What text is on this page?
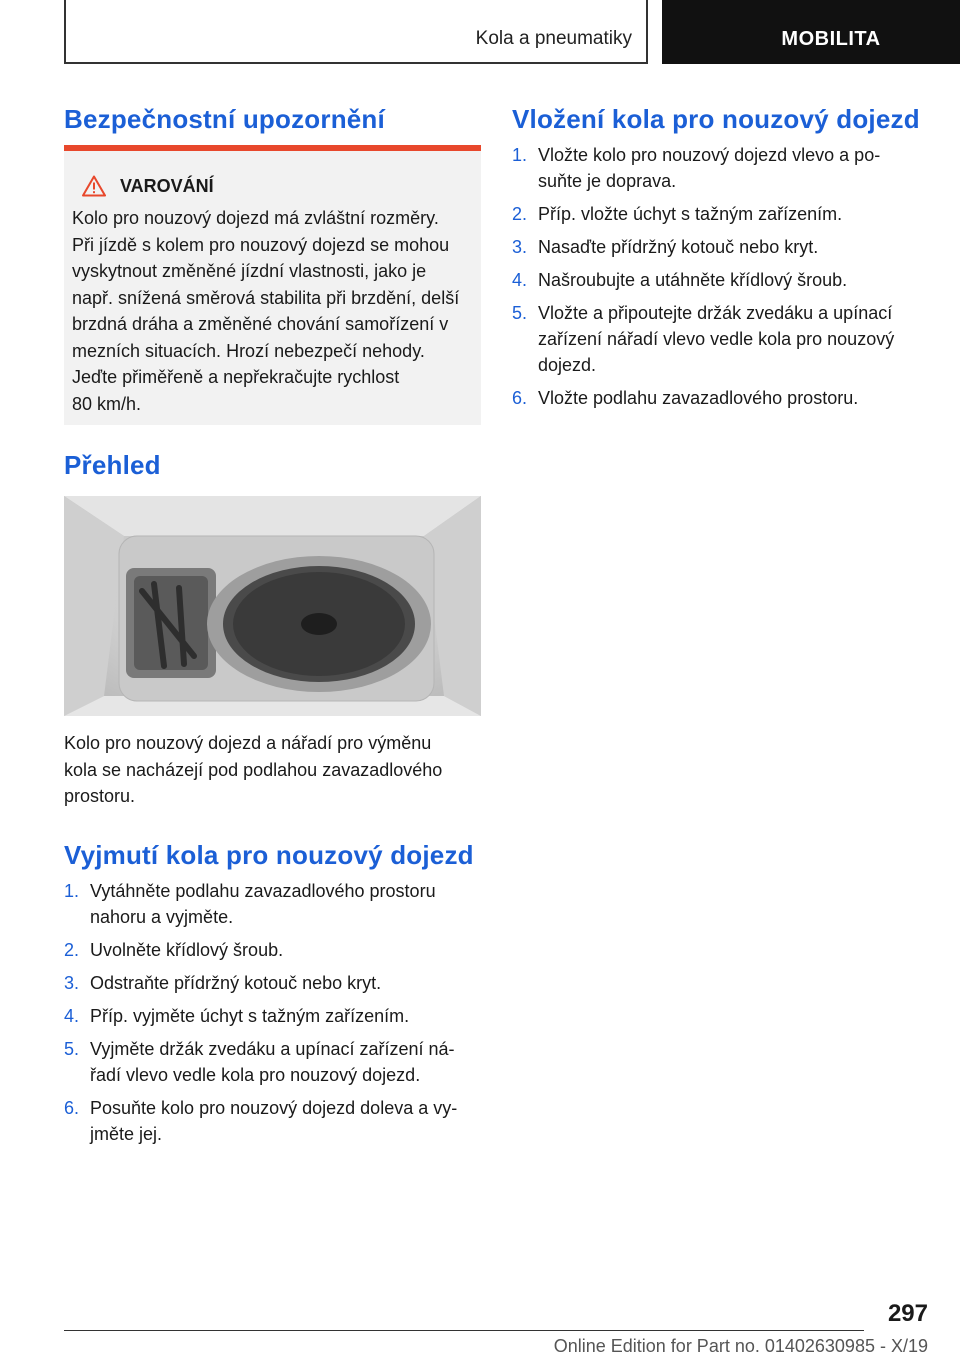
Kola a pneumatiky	MOBILITA
Bezpečnostní upozornění
VAROVÁNÍ
Kolo pro nouzový dojezd má zvláštní rozměry.
Při jízdě s kolem pro nouzový dojezd se mohou
vyskytnout změněné jízdní vlastnosti, jako je
např. snížená směrová stabilita při brzdění, delší
brzdná dráha a změněné chování samořízení v
mezních situacích. Hrozí nebezpečí nehody.
Jeďte přiměřeně a nepřekračujte rychlost
80 km/h.
Přehled
Kolo pro nouzový dojezd a nářadí pro výměnu
kola se nacházejí pod podlahou zavazadlového
prostoru.
Vyjmutí kola pro nouzový dojezd
1. Vytáhněte podlahu zavazadlového prostoru
nahoru a vyjměte.
2. Uvolněte křídlový šroub.
3. Odstraňte přídržný kotouč nebo kryt.
4. Příp. vyjměte úchyt s tažným zařízením.
5. Vyjměte držák zvedáku a upínací zařízení ná-
řadí vlevo vedle kola pro nouzový dojezd.
6. Posuňte kolo pro nouzový dojezd doleva a vy-
jměte jej.
Vložení kola pro nouzový dojezd
1. Vložte kolo pro nouzový dojezd vlevo a po-
suňte je doprava.
2. Příp. vložte úchyt s tažným zařízením.
3. Nasaďte přídržný kotouč nebo kryt.
4. Našroubujte a utáhněte křídlový šroub.
5. Vložte a připoutejte držák zvedáku a upínací
zařízení nářadí vlevo vedle kola pro nouzový
dojezd.
6. Vložte podlahu zavazadlového prostoru.
297
Online Edition for Part no. 01402630985 - X/19
